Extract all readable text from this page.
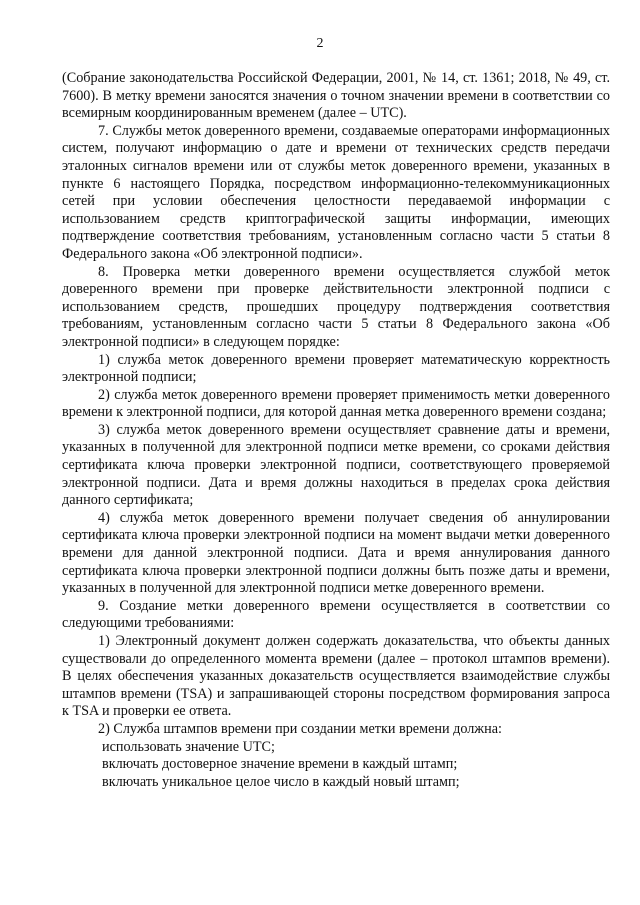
2

(Собрание законодательства Российской Федерации, 2001, № 14, ст. 1361; 2018, № 49, ст. 7600). В метку времени заносятся значения о точном значении времени в соответствии со всемирным координированным временем (далее – UTC).

7. Службы меток доверенного времени, создаваемые операторами информационных систем, получают информацию о дате и времени от технических средств передачи эталонных сигналов времени или от службы меток доверенного времени, указанных в пункте 6 настоящего Порядка, посредством информационно-телекоммуникационных сетей при условии обеспечения целостности передаваемой информации с использованием средств криптографической защиты информации, имеющих подтверждение соответствия требованиям, установленным согласно части 5 статьи 8 Федерального закона «Об электронной подписи».

8. Проверка метки доверенного времени осуществляется службой меток доверенного времени при проверке действительности электронной подписи с использованием средств, прошедших процедуру подтверждения соответствия требованиям, установленным согласно части 5 статьи 8 Федерального закона «Об электронной подписи» в следующем порядке:

1) служба меток доверенного времени проверяет математическую корректность электронной подписи;

2) служба меток доверенного времени проверяет применимость метки доверенного времени к электронной подписи, для которой данная метка доверенного времени создана;

3) служба меток доверенного времени осуществляет сравнение даты и времени, указанных в полученной для электронной подписи метке времени, со сроками действия сертификата ключа проверки электронной подписи, соответствующего проверяемой электронной подписи. Дата и время должны находиться в пределах срока действия данного сертификата;

4) служба меток доверенного времени получает сведения об аннулировании сертификата ключа проверки электронной подписи на момент выдачи метки доверенного времени для данной электронной подписи. Дата и время аннулирования данного сертификата ключа проверки электронной подписи должны быть позже даты и времени, указанных в полученной для электронной подписи метке доверенного времени.

9. Создание метки доверенного времени осуществляется в соответствии со следующими требованиями:

1) Электронный документ должен содержать доказательства, что объекты данных существовали до определенного момента времени (далее – протокол штампов времени). В целях обеспечения указанных доказательств осуществляется взаимодействие службы штампов времени (TSA) и запрашивающей стороны посредством формирования запроса к TSA и проверки ее ответа.

2) Служба штампов времени при создании метки времени должна:

использовать значение UTC;

включать достоверное значение времени в каждый штамп;

включать уникальное целое число в каждый новый штамп;
